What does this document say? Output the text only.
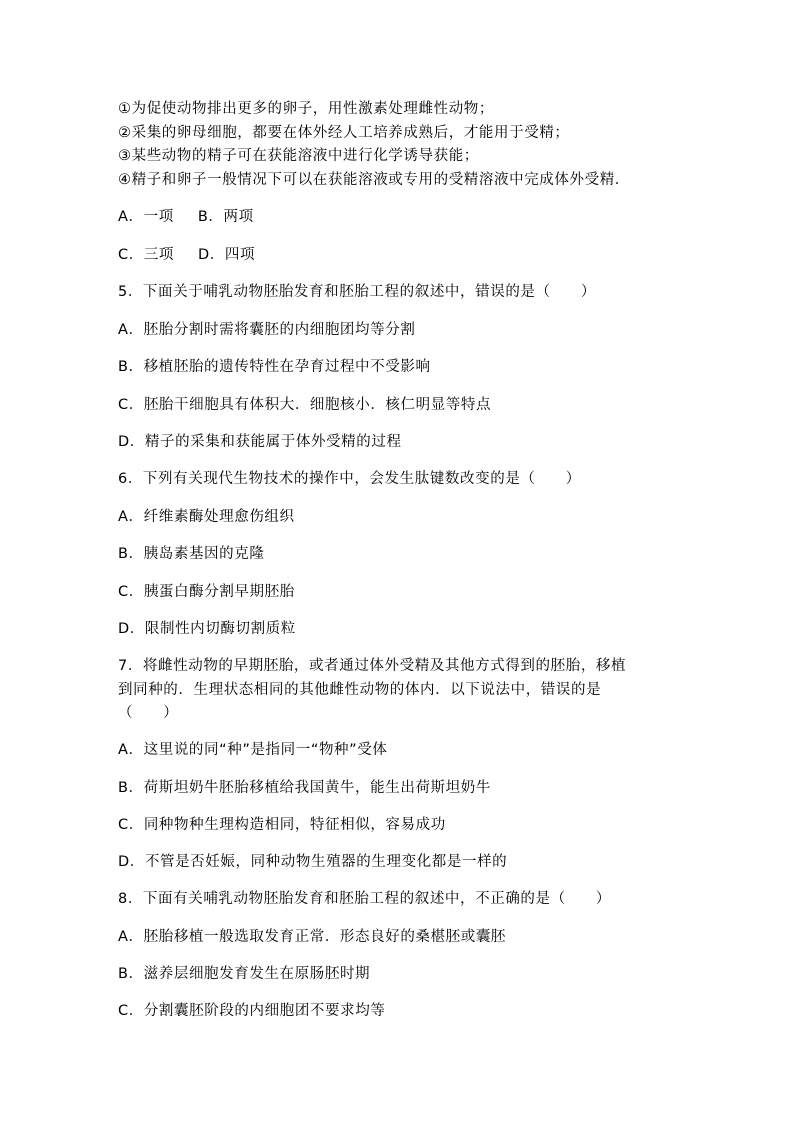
①为促使动物排出更多的卵子，用性激素处理雌性动物；
②采集的卵母细胞，都要在体外经人工培养成熟后，才能用于受精；
③某些动物的精子可在获能溶液中进行化学诱导获能；
④精子和卵子一般情况下可以在获能溶液或专用的受精溶液中完成体外受精．
A．一项 B．两项
C．三项 D．四项
5．下面关于哺乳动物胚胎发育和胚胎工程的叙述中，错误的是（　　）
A．胚胎分割时需将囊胚的内细胞团均等分割
B．移植胚胎的遗传特性在孕育过程中不受影响
C．胚胎干细胞具有体积大．细胞核小．核仁明显等特点
D．精子的采集和获能属于体外受精的过程
6．下列有关现代生物技术的操作中，会发生肽键数改变的是（　　）
A．纤维素酶处理愈伤组织
B．胰岛素基因的克隆
C．胰蛋白酶分割早期胚胎
D．限制性内切酶切割质粒
7．将雌性动物的早期胚胎，或者通过体外受精及其他方式得到的胚胎，移植
到同种的．生理状态相同的其他雌性动物的体内．以下说法中，错误的是
（　　）
A．这里说的同“种”是指同一“物种”受体
B．荷斯坦奶牛胚胎移植给我国黄牛，能生出荷斯坦奶牛
C．同种物种生理构造相同，特征相似，容易成功
D．不管是否妊娠，同种动物生殖器的生理变化都是一样的
8．下面有关哺乳动物胚胎发育和胚胎工程的叙述中，不正确的是（　　）
A．胚胎移植一般选取发育正常．形态良好的桑椹胚或囊胚
B．滋养层细胞发育发生在原肠胚时期
C．分割囊胚阶段的内细胞团不要求均等
